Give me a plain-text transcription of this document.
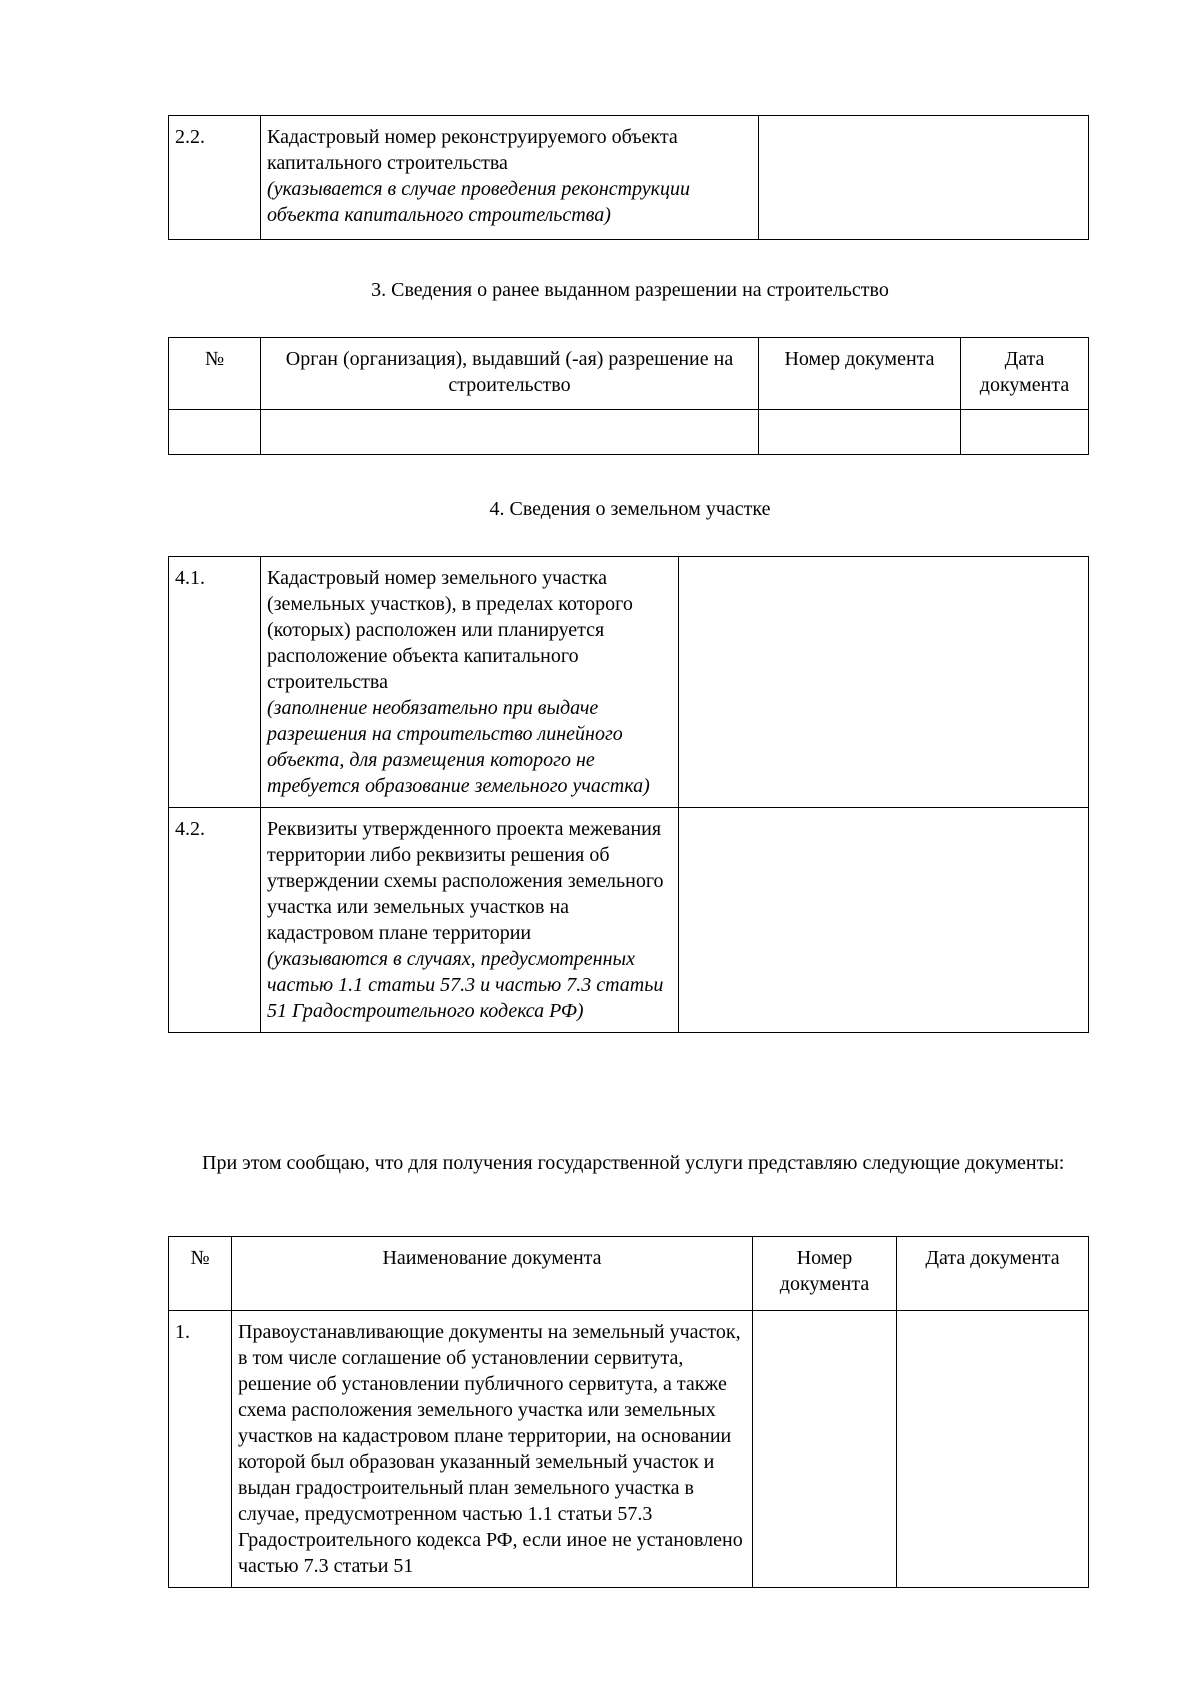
2.2.	Кадастровый номер реконструируемого объекта капитального строительства
(указывается в случае проведения реконструкции объекта капитального строительства)

3. Сведения о ранее выданном разрешении на строительство
№	Орган (организация), выдавший (-ая) разрешение на строительство	Номер документа	Дата документа

4. Сведения о земельном участке
4.1.	Кадастровый номер земельного участка (земельных участков), в пределах которого (которых) расположен или планируется расположение объекта капитального строительства
(заполнение необязательно при выдаче разрешения на строительство линейного объекта, для размещения которого не требуется образование земельного участка)	

4.2.	Реквизиты утвержденного проекта межевания территории либо реквизиты решения об утверждении схемы расположения земельного участка или земельных участков на кадастровом плане территории
(указываются в случаях, предусмотренных частью 1.1 статьи 57.3 и частью 7.3 статьи 51 Градостроительного кодекса РФ)	

При этом сообщаю, что для получения государственной услуги представляю следующие документы:
№	Наименование документа	Номер документа	Дата документа
1.	Правоустанавливающие документы на земельный участок, в том числе соглашение об установлении сервитута, решение об установлении публичного сервитута, а также схема расположения земельного участка или земельных участков на кадастровом плане территории, на основании которой был образован указанный земельный участок и выдан градостроительный план земельного участка в случае, предусмотренном частью 1.1 статьи 57.3 Градостроительного кодекса РФ, если иное не установлено частью 7.3 статьи 51		
